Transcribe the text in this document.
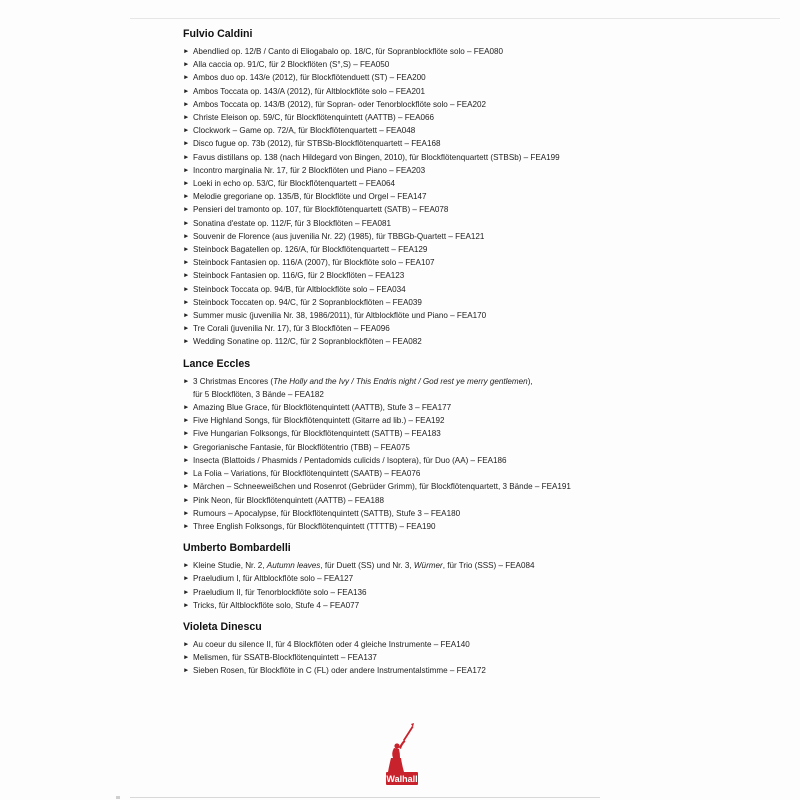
Fulvio Caldini
► Abendlied op. 12/B / Canto di Eliogabalo op. 18/C, für Sopranblockflöte solo – FEA080
► Alla caccia op. 91/C, für 2 Blockflöten (S°,S) – FEA050
► Ambos duo op. 143/e (2012), für Blockflötenduett (ST) – FEA200
► Ambos Toccata op. 143/A (2012), für Altblockflöte solo – FEA201
► Ambos Toccata op. 143/B (2012), für Sopran- oder Tenorblockflöte solo – FEA202
► Christe Eleison op. 59/C, für Blockflötenquintett (AATTB) – FEA066
► Clockwork – Game op. 72/A, für Blockflötenquartett – FEA048
► Disco fugue op. 73b (2012), für STBSb-Blockflötenquartett – FEA168
► Favus distillans op. 138 (nach Hildegard von Bingen, 2010), für Blockflötenquartett (STBSb) – FEA199
► Incontro marginalia Nr. 17, für 2 Blockflöten und Piano – FEA203
► Loeki in echo op. 53/C, für Blockflötenquartett – FEA064
► Melodie gregoriane op. 135/B, für Blockflöte und Orgel – FEA147
► Pensieri del tramonto op. 107, für Blockflötenquartett (SATB) – FEA078
► Sonatina d'estate op. 112/F, für 3 Blockflöten – FEA081
► Souvenir de Florence (aus juvenilia Nr. 22) (1985), für TBBGb-Quartett – FEA121
► Steinbock Bagatellen op. 126/A, für Blockflötenquartett – FEA129
► Steinbock Fantasien op. 116/A (2007), für Blockflöte solo – FEA107
► Steinbock Fantasien op. 116/G, für 2 Blockflöten – FEA123
► Steinbock Toccata op. 94/B, für Altblockflöte solo – FEA034
► Steinbock Toccaten op. 94/C, für 2 Sopranblockflöten – FEA039
► Summer music (juvenilia Nr. 38, 1986/2011), für Altblockflöte und Piano – FEA170
► Tre Corali (juvenilia Nr. 17), für 3 Blockflöten – FEA096
► Wedding Sonatine op. 112/C, für 2 Sopranblockflöten – FEA082
Lance Eccles
► 3 Christmas Encores (The Holly and the Ivy / This Endris night / God rest ye merry gentlemen),
für 5 Blockflöten, 3 Bände – FEA182
► Amazing Blue Grace, für Blockflötenquintett (AATTB), Stufe 3 – FEA177
► Five Highland Songs, für Blockflötenquintett (Gitarre ad lib.) – FEA192
► Five Hungarian Folksongs, für Blockflötenquintett (SATTB) – FEA183
► Gregorianische Fantasie, für Blockflötentrio (TBB) – FEA075
► Insecta (Blattoids / Phasmids / Pentadomids culicids / Isoptera), für Duo (AA) – FEA186
► La Folia – Variations, für Blockflötenquintett (SAATB) – FEA076
► Märchen – Schneeweißchen und Rosenrot (Gebrüder Grimm), für Blockflötenquartett, 3 Bände – FEA191
► Pink Neon, für Blockflötenquintett (AATTB) – FEA188
► Rumours – Apocalypse, für Blockflötenquintett (SATTB), Stufe 3 – FEA180
► Three English Folksongs, für Blockflötenquintett (TTTTB) – FEA190
Umberto Bombardelli
► Kleine Studie, Nr. 2, Autumn leaves, für Duett (SS) und Nr. 3, Würmer, für Trio (SSS) – FEA084
► Praeludium I, für Altblockflöte solo – FEA127
► Praeludium II, für Tenorblockflöte solo – FEA136
► Tricks, für Altblockflöte solo, Stufe 4 – FEA077
Violeta Dinescu
► Au coeur du silence II, für 4 Blockflöten oder 4 gleiche Instrumente – FEA140
► Melismen, für SSATB-Blockflötenquintett – FEA137
► Sieben Rosen, für Blockflöte in C (FL) oder andere Instrumentalstimme – FEA172
Walhall
